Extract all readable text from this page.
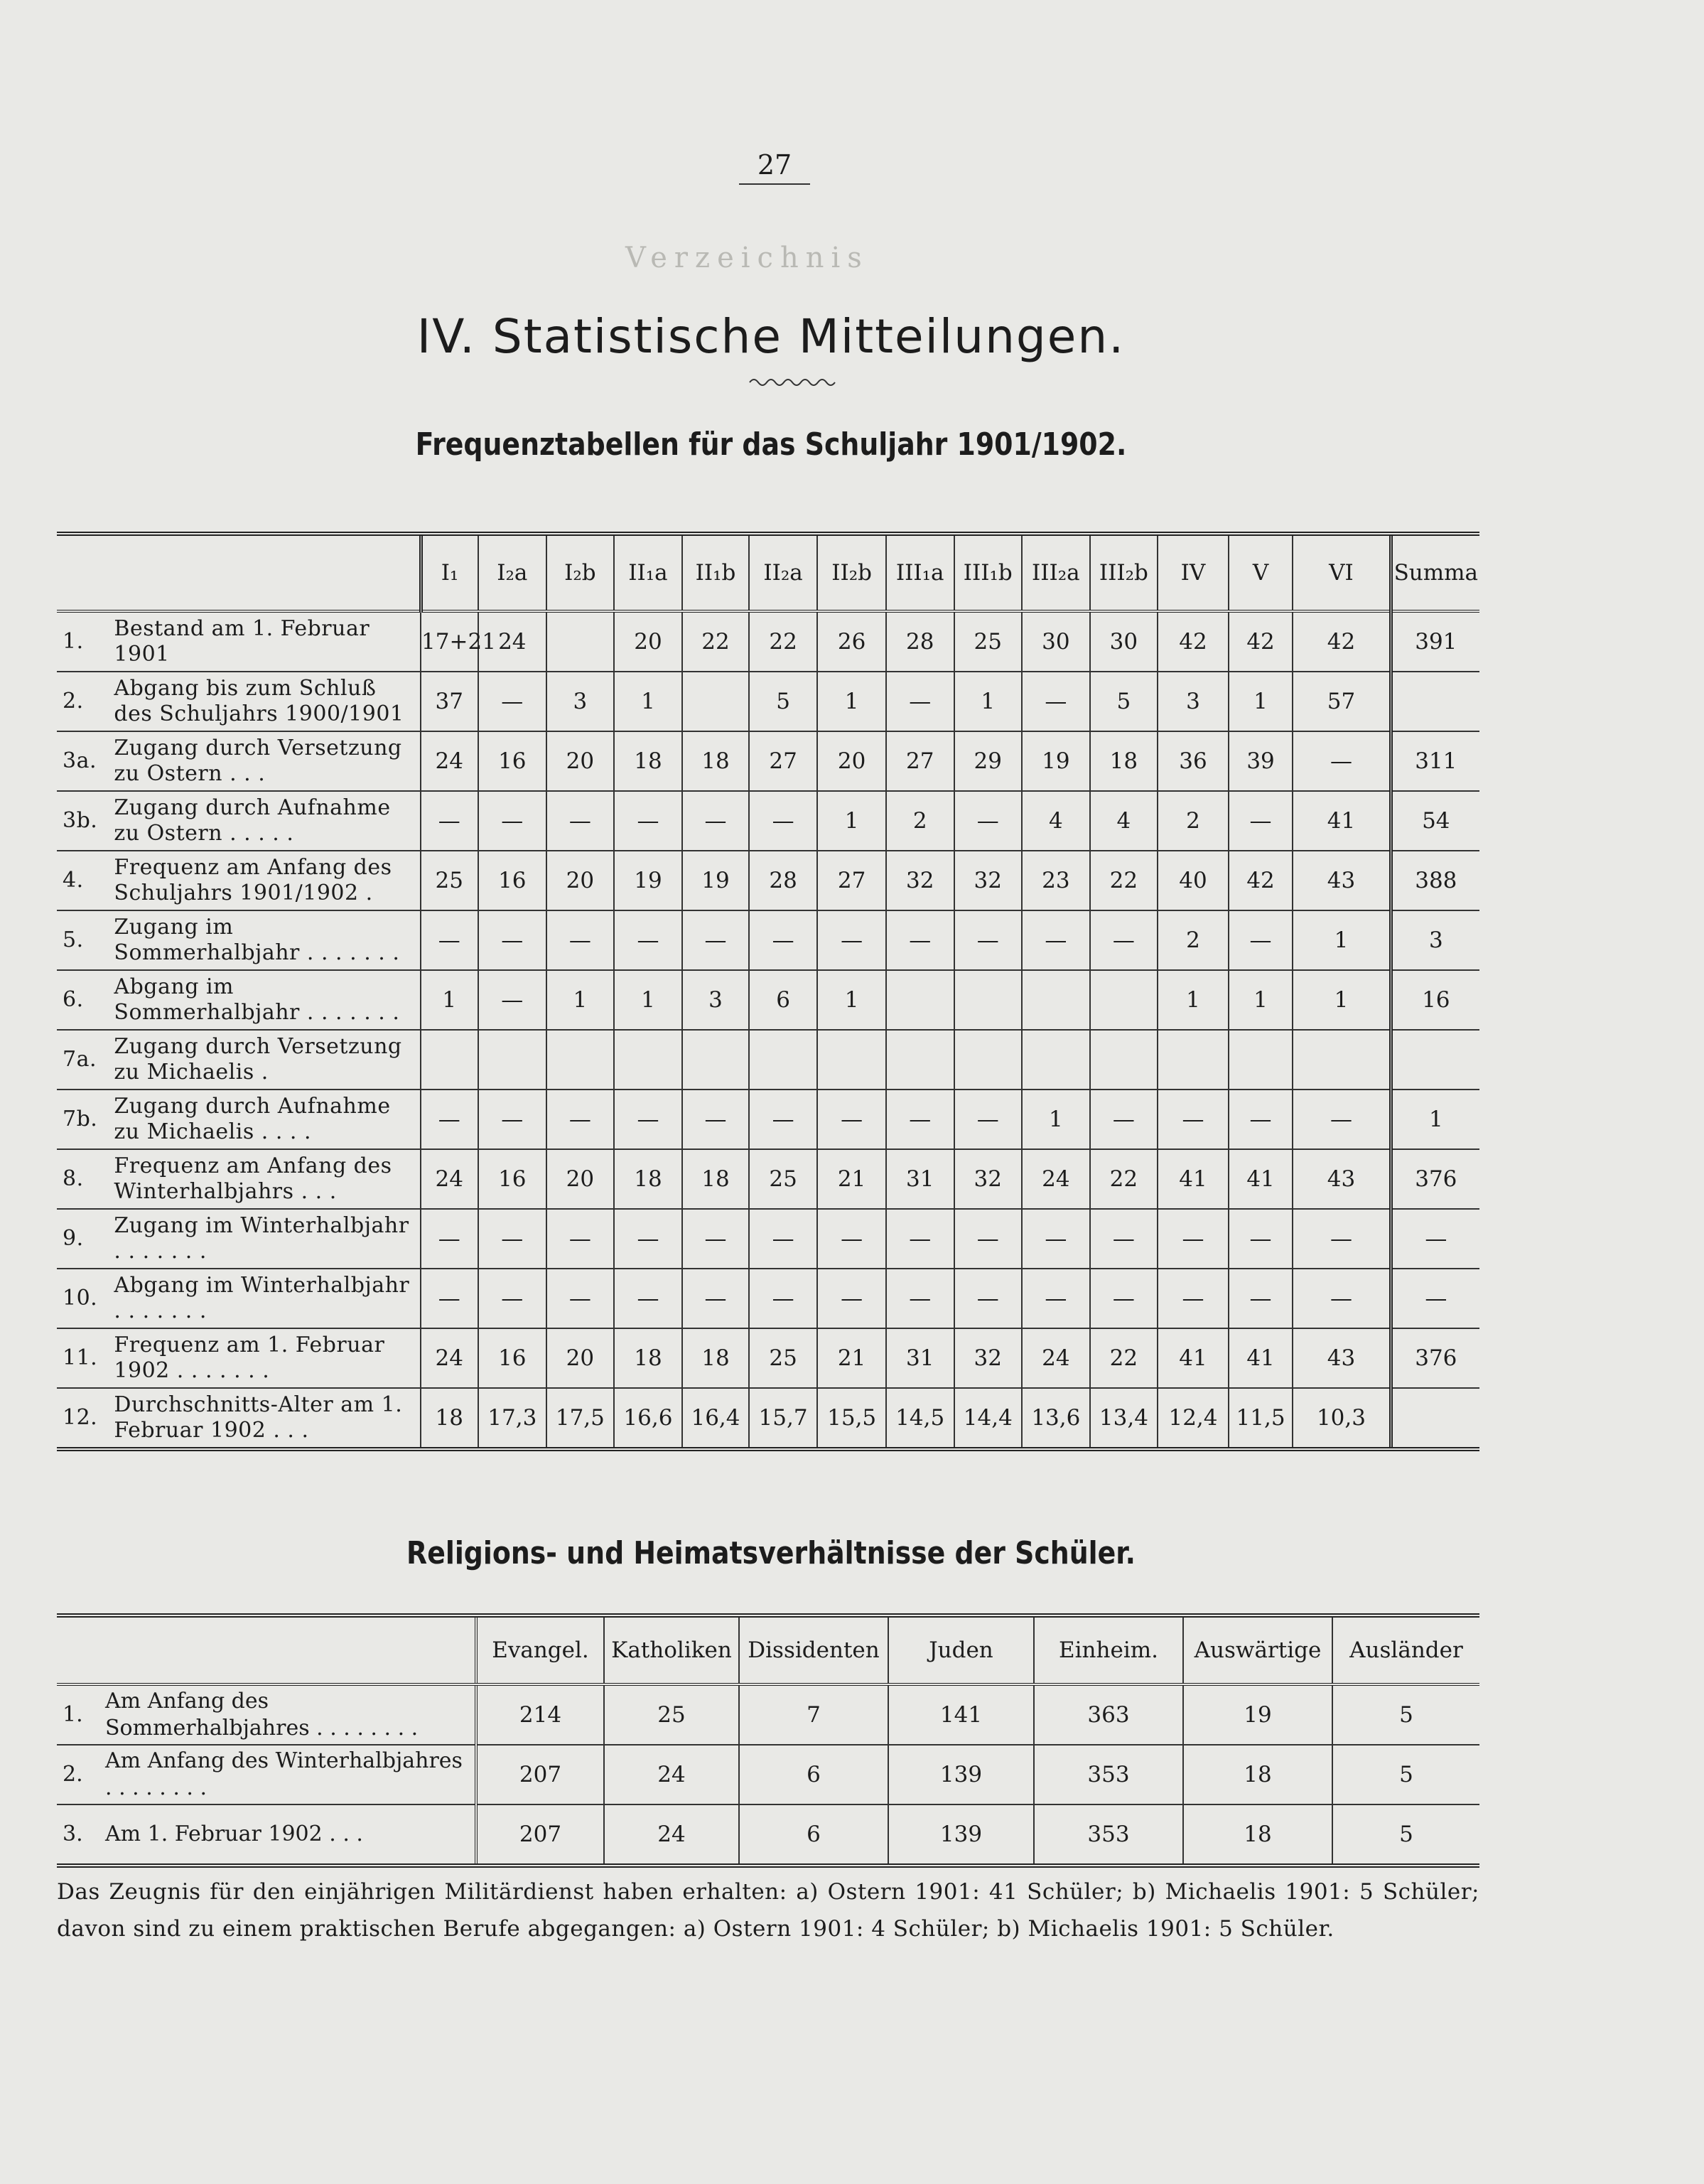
Verzeichnis
27
IV. Statistische Mitteilungen.
Frequenztabellen für das Schuljahr 1901/1902.
		I₁	I₂a	I₂b	II₁a	II₁b	II₂a	II₂b	III₁a	III₁b	III₂a	III₂b	IV	V	VI	Summa
1.	Bestand am 1. Februar 1901	17+21	24		20	22	22	26	28	25	30	30	42	42	42	391
2.	Abgang bis zum Schluß des Schuljahrs 1900/1901	37	—	3	1		5	1	—	1	—	5	3	1	57	
3a.	Zugang durch Versetzung zu Ostern . . .	24	16	20	18	18	27	20	27	29	19	18	36	39	—	311
3b.	Zugang durch Aufnahme zu Ostern . . . . .	—	—	—	—	—	—	1	2	—	4	4	2	—	41	54
4.	Frequenz am Anfang des Schuljahrs 1901/1902 .	25	16	20	19	19	28	27	32	32	23	22	40	42	43	388
5.	Zugang im Sommerhalbjahr . . . . . . .	—	—	—	—	—	—	—	—	—	—	—	2	—	1	3
6.	Abgang im Sommerhalbjahr . . . . . . .	1	—	1	1	3	6	1					1	1	1	16
7a.	Zugang durch Versetzung zu Michaelis .															
7b.	Zugang durch Aufnahme zu Michaelis . . . .	—	—	—	—	—	—	—	—	—	1	—	—	—	—	1
8.	Frequenz am Anfang des Winterhalbjahrs . . .	24	16	20	18	18	25	21	31	32	24	22	41	41	43	376
9.	Zugang im Winterhalbjahr . . . . . . .	—	—	—	—	—	—	—	—	—	—	—	—	—	—	—
10.	Abgang im Winterhalbjahr . . . . . . .	—	—	—	—	—	—	—	—	—	—	—	—	—	—	—
11.	Frequenz am 1. Februar 1902 . . . . . . .	24	16	20	18	18	25	21	31	32	24	22	41	41	43	376
12.	Durchschnitts-Alter am 1. Februar 1902 . . .	18	17,3	17,5	16,6	16,4	15,7	15,5	14,5	14,4	13,6	13,4	12,4	11,5	10,3	
Religions- und Heimatsverhältnisse der Schüler.
		Evangel.	Katholiken	Dissidenten	Juden	Einheim.	Auswärtige	Ausländer
1.	Am Anfang des Sommerhalbjahres . . . . . . . .	214	25	7	141	363	19	5
2.	Am Anfang des Winterhalbjahres . . . . . . . .	207	24	6	139	353	18	5
3.	Am 1. Februar 1902 . . .	207	24	6	139	353	18	5
Das Zeugnis für den einjährigen Militärdienst haben erhalten: a) Ostern 1901: 41 Schüler; b) Michaelis 1901: 5 Schüler; davon sind zu einem praktischen Berufe abgegangen: a) Ostern 1901: 4 Schüler; b) Michaelis 1901: 5 Schüler.
